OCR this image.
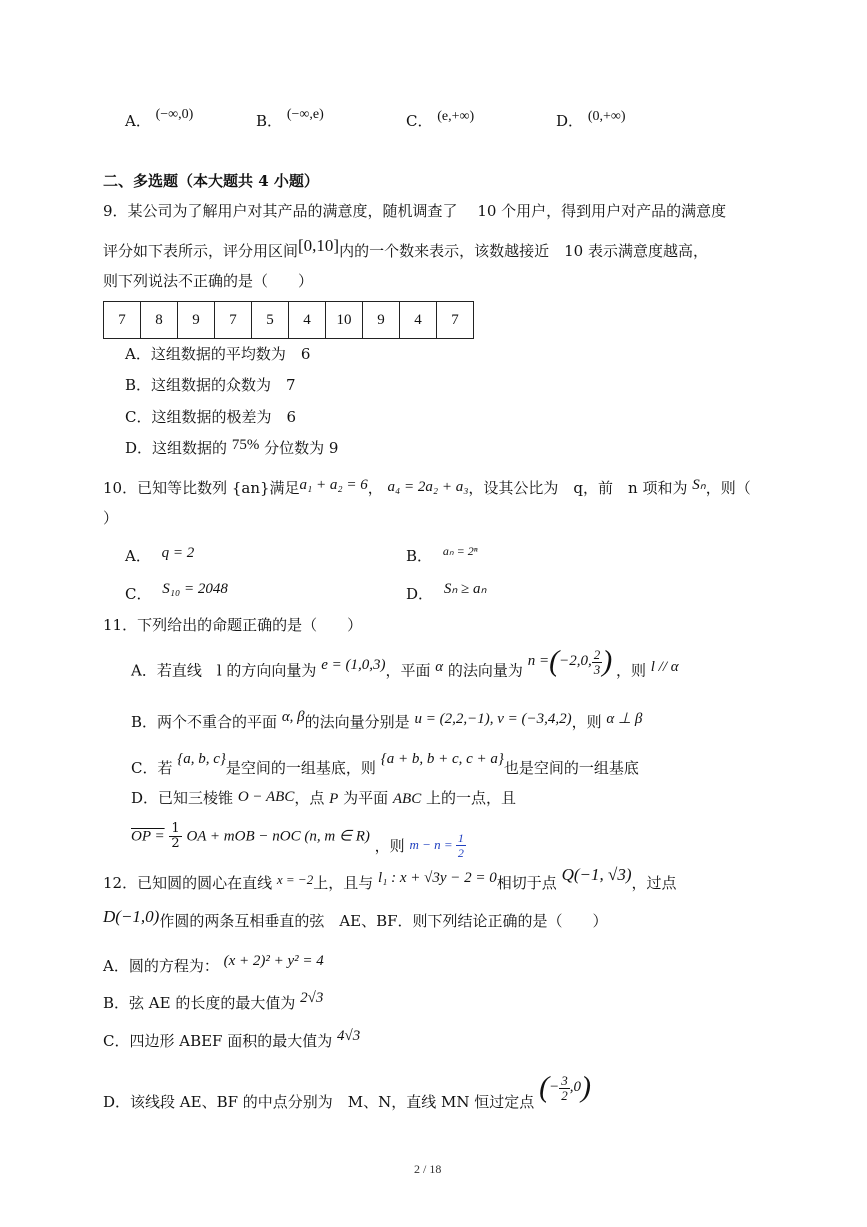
A． (−∞,0)	B． (−∞,e)	C． (e,+∞)	D． (0,+∞)
二、多选题（本大题共 4 小题）
9．某公司为了解用户对其产品的满意度，随机调查了　 10 个用户，得到用户对产品的满意度
评分如下表所示，评分用区间[0,10]内的一个数来表示，该数越接近　10 表示满意度越高，
则下列说法不正确的是（　　）
7	8	9	7	5	4	10	9	4	7
A．这组数据的平均数为　6
B．这组数据的众数为　7
C．这组数据的极差为　6
D．这组数据的 75% 分位数为 9
10．已知等比数列 {an}满足a₁ + a₂ = 6， a₄ = 2a₂ + a₃，设其公比为　q，前　n 项和为 Sₙ，则（
）
A． q = 2	B． $^{a_n = 2^n}$
C． S₁₀ = 2048	D． Sₙ ≥ aₙ
11．下列给出的命题正确的是（　　）
A．若直线　l 的方向向量为 e = (1,0,3)，平面 α 的法向量为 n =(−2,0, $\frac{2}{3}$ ) ，则 l // α
B．两个不重合的平面 α, β的法向量分别是 u = (2,2,−1), v = (−3,4,2)，则 α ⊥ β
C．若 {a, b, c}是空间的一组基底，则 {a + b, b + c, c + a}也是空间的一组基底
D．已知三棱锥 O − ABC，点 P 为平面 ABC 上的一点，且
OP = $\frac{1}{2}$ OA + mOB − nOC (n, m ∈ R) ，则 $m - n = \frac{1}{2}$
12．已知圆的圆心在直线 x = −2上，且与 l₁ : x + √3y − 2 = 0相切于点 Q(−1, √3)，过点
D(−1,0)作圆的两条互相垂直的弦　AE、BF．则下列结论正确的是（　　）
A．圆的方程为： (x + 2)² + y² = 4
B．弦 AE 的长度的最大值为 2√3
C．四边形 ABEF 面积的最大值为 4√3
D．该线段 AE、BF 的中点分别为　M、N，直线 MN 恒过定点 (− $\frac{3}{2} ,0$)
2 / 18
